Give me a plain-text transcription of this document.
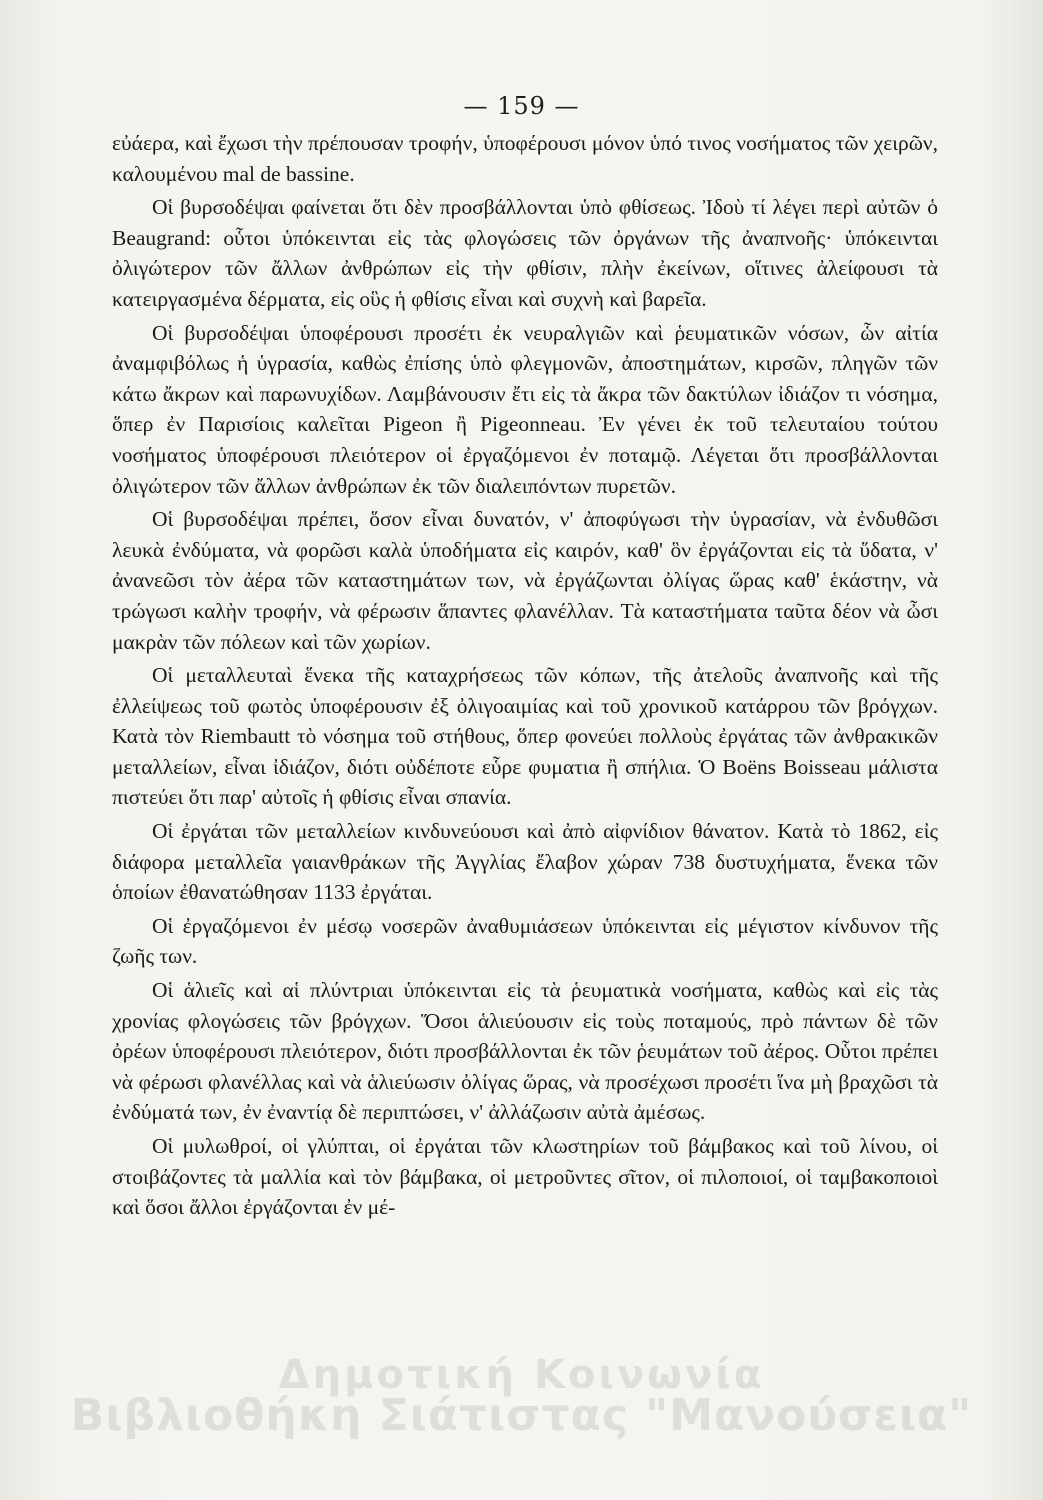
— 159 —

εὐάερα, καὶ ἔχωσι τὴν πρέπουσαν τροφήν, ὑποφέρουσι μόνον ὑπό τινος νοσήματος τῶν χειρῶν, καλουμένου mal de bassine.

Οἱ βυρσοδέψαι φαίνεται ὅτι δὲν προσβάλλονται ὑπὸ φθίσεως. Ἰδοὺ τί λέγει περὶ αὐτῶν ὁ Beaugrand: οὗτοι ὑπόκεινται εἰς τὰς φλογώσεις τῶν ὀργάνων τῆς ἀναπνοῆς· ὑπόκεινται ὀλιγώτερον τῶν ἄλλων ἀνθρώπων εἰς τὴν φθίσιν, πλὴν ἐκείνων, οἵτινες ἀλείφουσι τὰ κατειργασμένα δέρματα, εἰς οὓς ἡ φθίσις εἶναι καὶ συχνὴ καὶ βαρεῖα.

Οἱ βυρσοδέψαι ὑποφέρουσι προσέτι ἐκ νευραλγιῶν καὶ ῥευματικῶν νόσων, ὧν αἰτία ἀναμφιβόλως ἡ ὑγρασία, καθὼς ἐπίσης ὑπὸ φλεγμονῶν, ἀποστημάτων, κιρσῶν, πληγῶν τῶν κάτω ἄκρων καὶ παρωνυχίδων. Λαμβάνουσιν ἔτι εἰς τὰ ἄκρα τῶν δακτύλων ἰδιάζον τι νόσημα, ὅπερ ἐν Παρισίοις καλεῖται Pigeon ἢ Pigeonneau. Ἐν γένει ἐκ τοῦ τελευταίου τούτου νοσήματος ὑποφέρουσι πλειότερον οἱ ἐργαζόμενοι ἐν ποταμῷ. Λέγεται ὅτι προσβάλλονται ὀλιγώτερον τῶν ἄλλων ἀνθρώπων ἐκ τῶν διαλειπόντων πυρετῶν.

Οἱ βυρσοδέψαι πρέπει, ὅσον εἶναι δυνατόν, ν' ἀποφύγωσι τὴν ὑγρασίαν, νὰ ἐνδυθῶσι λευκὰ ἐνδύματα, νὰ φορῶσι καλὰ ὑποδήματα εἰς καιρόν, καθ' ὃν ἐργάζονται εἰς τὰ ὕδατα, ν' ἀνανεῶσι τὸν ἀέρα τῶν καταστημάτων των, νὰ ἐργάζωνται ὀλίγας ὥρας καθ' ἑκάστην, νὰ τρώγωσι καλὴν τροφήν, νὰ φέρωσιν ἅπαντες φλανέλλαν. Τὰ καταστήματα ταῦτα δέον νὰ ὦσι μακρὰν τῶν πόλεων καὶ τῶν χωρίων.

Οἱ μεταλλευταὶ ἕνεκα τῆς καταχρήσεως τῶν κόπων, τῆς ἀτελοῦς ἀναπνοῆς καὶ τῆς ἐλλείψεως τοῦ φωτὸς ὑποφέρουσιν ἐξ ὀλιγοαιμίας καὶ τοῦ χρονικοῦ κατάρρου τῶν βρόγχων. Κατὰ τὸν Riembautt τὸ νόσημα τοῦ στήθους, ὅπερ φονεύει πολλοὺς ἐργάτας τῶν ἀνθρακικῶν μεταλλείων, εἶναι ἰδιάζον, διότι οὐδέποτε εὗρε φυματια ἢ σπήλια. Ὁ Boëns Boisseau μάλιστα πιστεύει ὅτι παρ' αὐτοῖς ἡ φθίσις εἶναι σπανία.

Οἱ ἐργάται τῶν μεταλλείων κινδυνεύουσι καὶ ἀπὸ αἰφνίδιον θάνατον. Κατὰ τὸ 1862, εἰς διάφορα μεταλλεῖα γαιανθράκων τῆς Ἀγγλίας ἔλαβον χώραν 738 δυστυχήματα, ἕνεκα τῶν ὁποίων ἐθανατώθησαν 1133 ἐργάται.

Οἱ ἐργαζόμενοι ἐν μέσῳ νοσερῶν ἀναθυμιάσεων ὑπόκεινται εἰς μέγιστον κίνδυνον τῆς ζωῆς των.

Οἱ ἁλιεῖς καὶ αἱ πλύντριαι ὑπόκεινται εἰς τὰ ῥευματικὰ νοσήματα, καθὼς καὶ εἰς τὰς χρονίας φλογώσεις τῶν βρόγχων. Ὅσοι ἁλιεύουσιν εἰς τοὺς ποταμούς, πρὸ πάντων δὲ τῶν ὀρέων ὑποφέρουσι πλειότερον, διότι προσβάλλονται ἐκ τῶν ῥευμάτων τοῦ ἀέρος. Οὗτοι πρέπει νὰ φέρωσι φλανέλλας καὶ νὰ ἁλιεύωσιν ὀλίγας ὥρας, νὰ προσέχωσι προσέτι ἵνα μὴ βραχῶσι τὰ ἐνδύματά των, ἐν ἐναντίᾳ δὲ περιπτώσει, ν' ἀλλάζωσιν αὐτὰ ἀμέσως.

Οἱ μυλωθροί, οἱ γλύπται, οἱ ἐργάται τῶν κλωστηρίων τοῦ βάμβακος καὶ τοῦ λίνου, οἱ στοιβάζοντες τὰ μαλλία καὶ τὸν βάμβακα, οἱ μετροῦντες σῖτον, οἱ πιλοποιοί, οἱ ταμβακοποιοὶ καὶ ὅσοι ἄλλοι ἐργάζονται ἐν μέ-

Δημοτική Κοινωνία
Βιβλιοθήκη Σιάτιστας "Μανούσεια"
